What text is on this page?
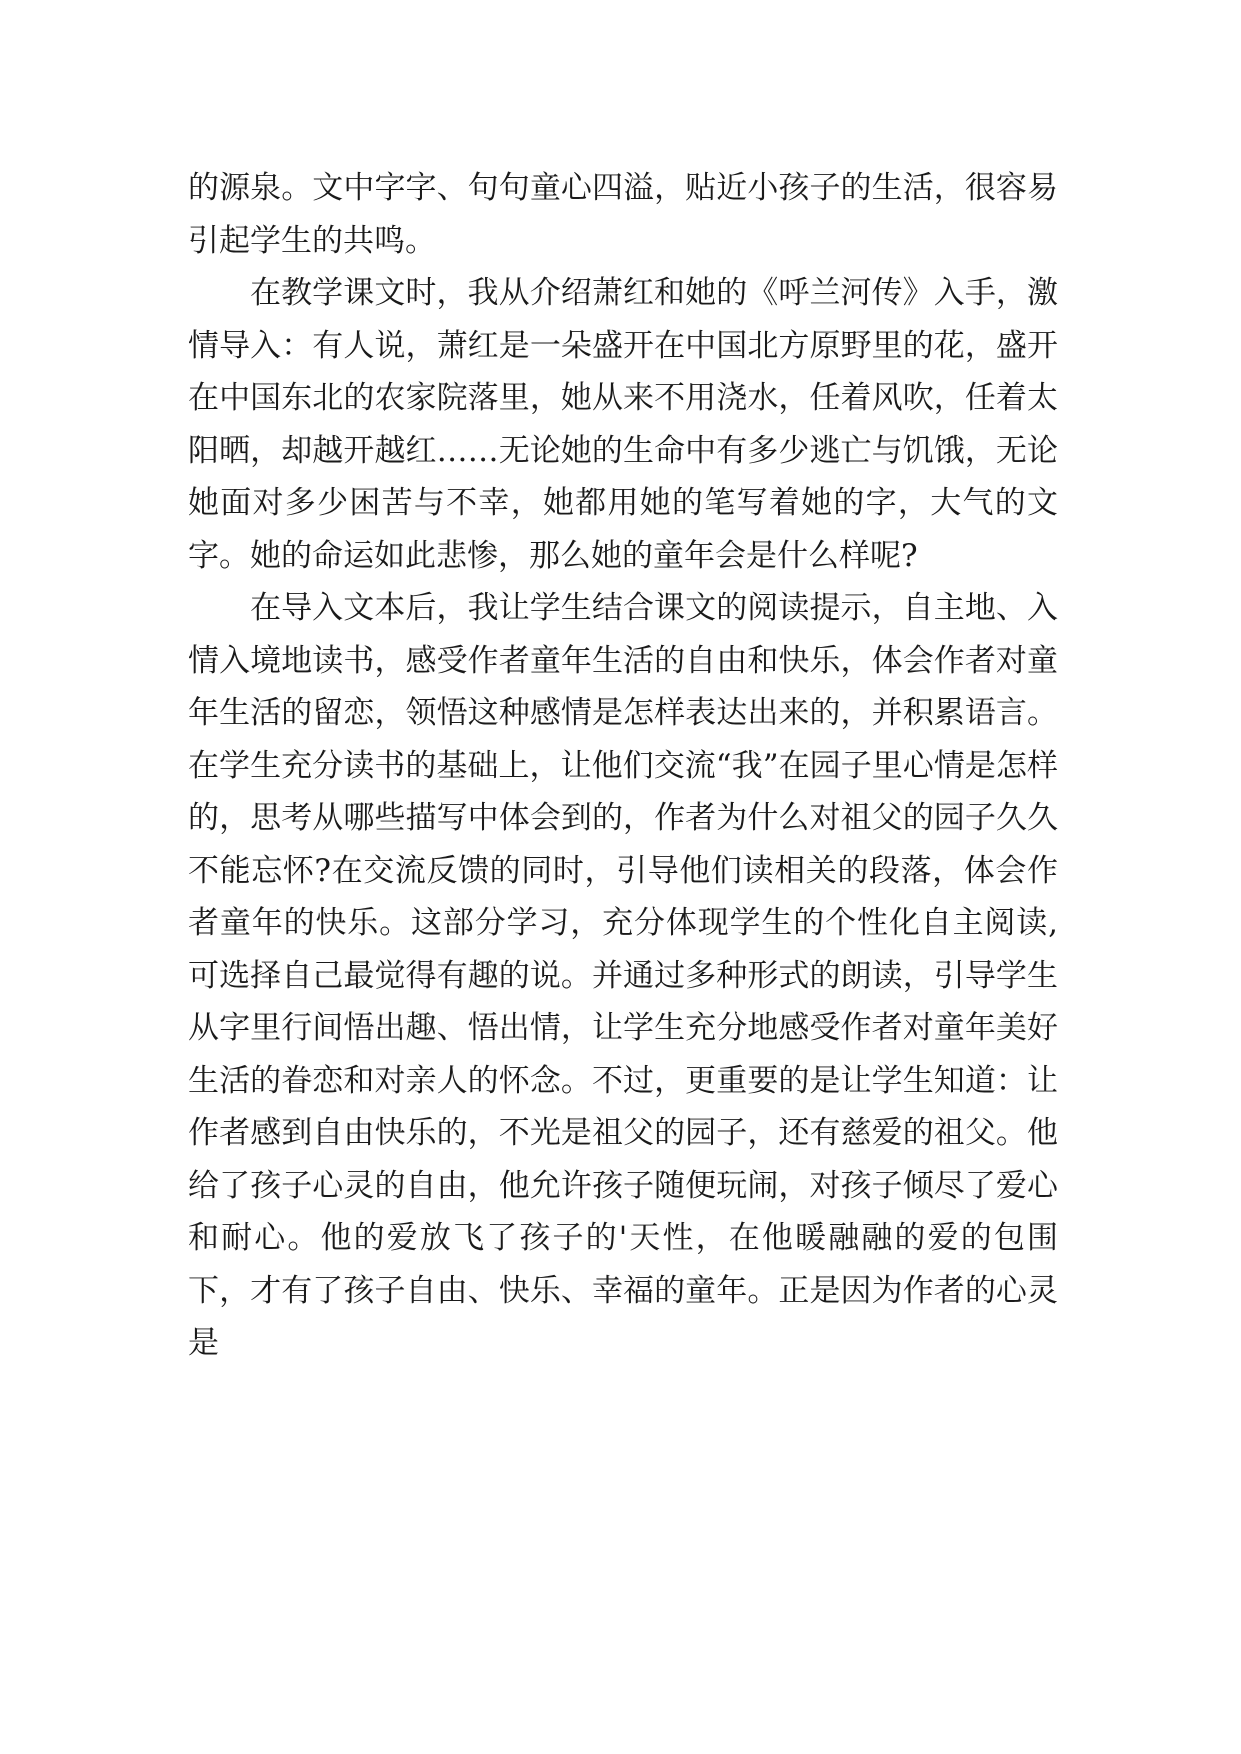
的源泉。文中字字、句句童心四溢，贴近小孩子的生活，很容易引起学生的共鸣。

在教学课文时，我从介绍萧红和她的《呼兰河传》入手，激情导入：有人说，萧红是一朵盛开在中国北方原野里的花，盛开在中国东北的农家院落里，她从来不用浇水，任着风吹，任着太阳晒，却越开越红……无论她的生命中有多少逃亡与饥饿，无论她面对多少困苦与不幸，她都用她的笔写着她的字，大气的文字。她的命运如此悲惨，那么她的童年会是什么样呢?

在导入文本后，我让学生结合课文的阅读提示，自主地、入情入境地读书，感受作者童年生活的自由和快乐，体会作者对童年生活的留恋，领悟这种感情是怎样表达出来的，并积累语言。在学生充分读书的基础上，让他们交流“我”在园子里心情是怎样的，思考从哪些描写中体会到的，作者为什么对祖父的园子久久不能忘怀?在交流反馈的同时，引导他们读相关的段落，体会作者童年的快乐。这部分学习，充分体现学生的个性化自主阅读,可选择自己最觉得有趣的说。并通过多种形式的朗读，引导学生从字里行间悟出趣、悟出情，让学生充分地感受作者对童年美好生活的眷恋和对亲人的怀念。不过，更重要的是让学生知道：让作者感到自由快乐的，不光是祖父的园子，还有慈爱的祖父。他给了孩子心灵的自由，他允许孩子随便玩闹，对孩子倾尽了爱心和耐心。他的爱放飞了孩子的'天性，在他暖融融的爱的包围下，才有了孩子自由、快乐、幸福的童年。正是因为作者的心灵是
